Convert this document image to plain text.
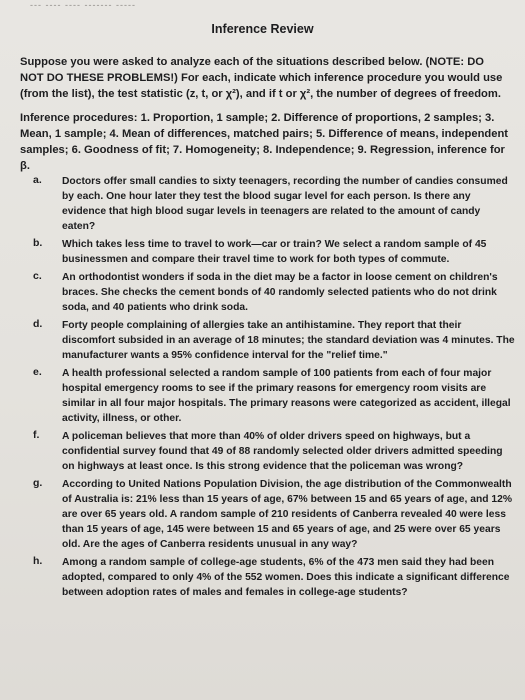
--- ---- ---- ------- -----
Inference Review
Suppose you were asked to analyze each of the situations described below. (NOTE: DO NOT DO THESE PROBLEMS!) For each, indicate which inference procedure you would use (from the list), the test statistic (z, t, or χ²), and if t or χ², the number of degrees of freedom.
Inference procedures: 1. Proportion, 1 sample; 2. Difference of proportions, 2 samples; 3. Mean, 1 sample; 4. Mean of differences, matched pairs; 5. Difference of means, independent samples; 6. Goodness of fit; 7. Homogeneity; 8. Independence; 9. Regression, inference for β.
a. Doctors offer small candies to sixty teenagers, recording the number of candies consumed by each. One hour later they test the blood sugar level for each person. Is there any evidence that high blood sugar levels in teenagers are related to the amount of candy eaten?
b. Which takes less time to travel to work—car or train? We select a random sample of 45 businessmen and compare their travel time to work for both types of commute.
c. An orthodontist wonders if soda in the diet may be a factor in loose cement on children's braces. She checks the cement bonds of 40 randomly selected patients who do not drink soda, and 40 patients who drink soda.
d. Forty people complaining of allergies take an antihistamine. They report that their discomfort subsided in an average of 18 minutes; the standard deviation was 4 minutes. The manufacturer wants a 95% confidence interval for the "relief time."
e. A health professional selected a random sample of 100 patients from each of four major hospital emergency rooms to see if the primary reasons for emergency room visits are similar in all four major hospitals. The primary reasons were categorized as accident, illegal activity, illness, or other.
f. A policeman believes that more than 40% of older drivers speed on highways, but a confidential survey found that 49 of 88 randomly selected older drivers admitted speeding on highways at least once. Is this strong evidence that the policeman was wrong?
g. According to United Nations Population Division, the age distribution of the Commonwealth of Australia is: 21% less than 15 years of age, 67% between 15 and 65 years of age, and 12% are over 65 years old. A random sample of 210 residents of Canberra revealed 40 were less than 15 years of age, 145 were between 15 and 65 years of age, and 25 were over 65 years old. Are the ages of Canberra residents unusual in any way?
h. Among a random sample of college-age students, 6% of the 473 men said they had been adopted, compared to only 4% of the 552 women. Does this indicate a significant difference between adoption rates of males and females in college-age students?
